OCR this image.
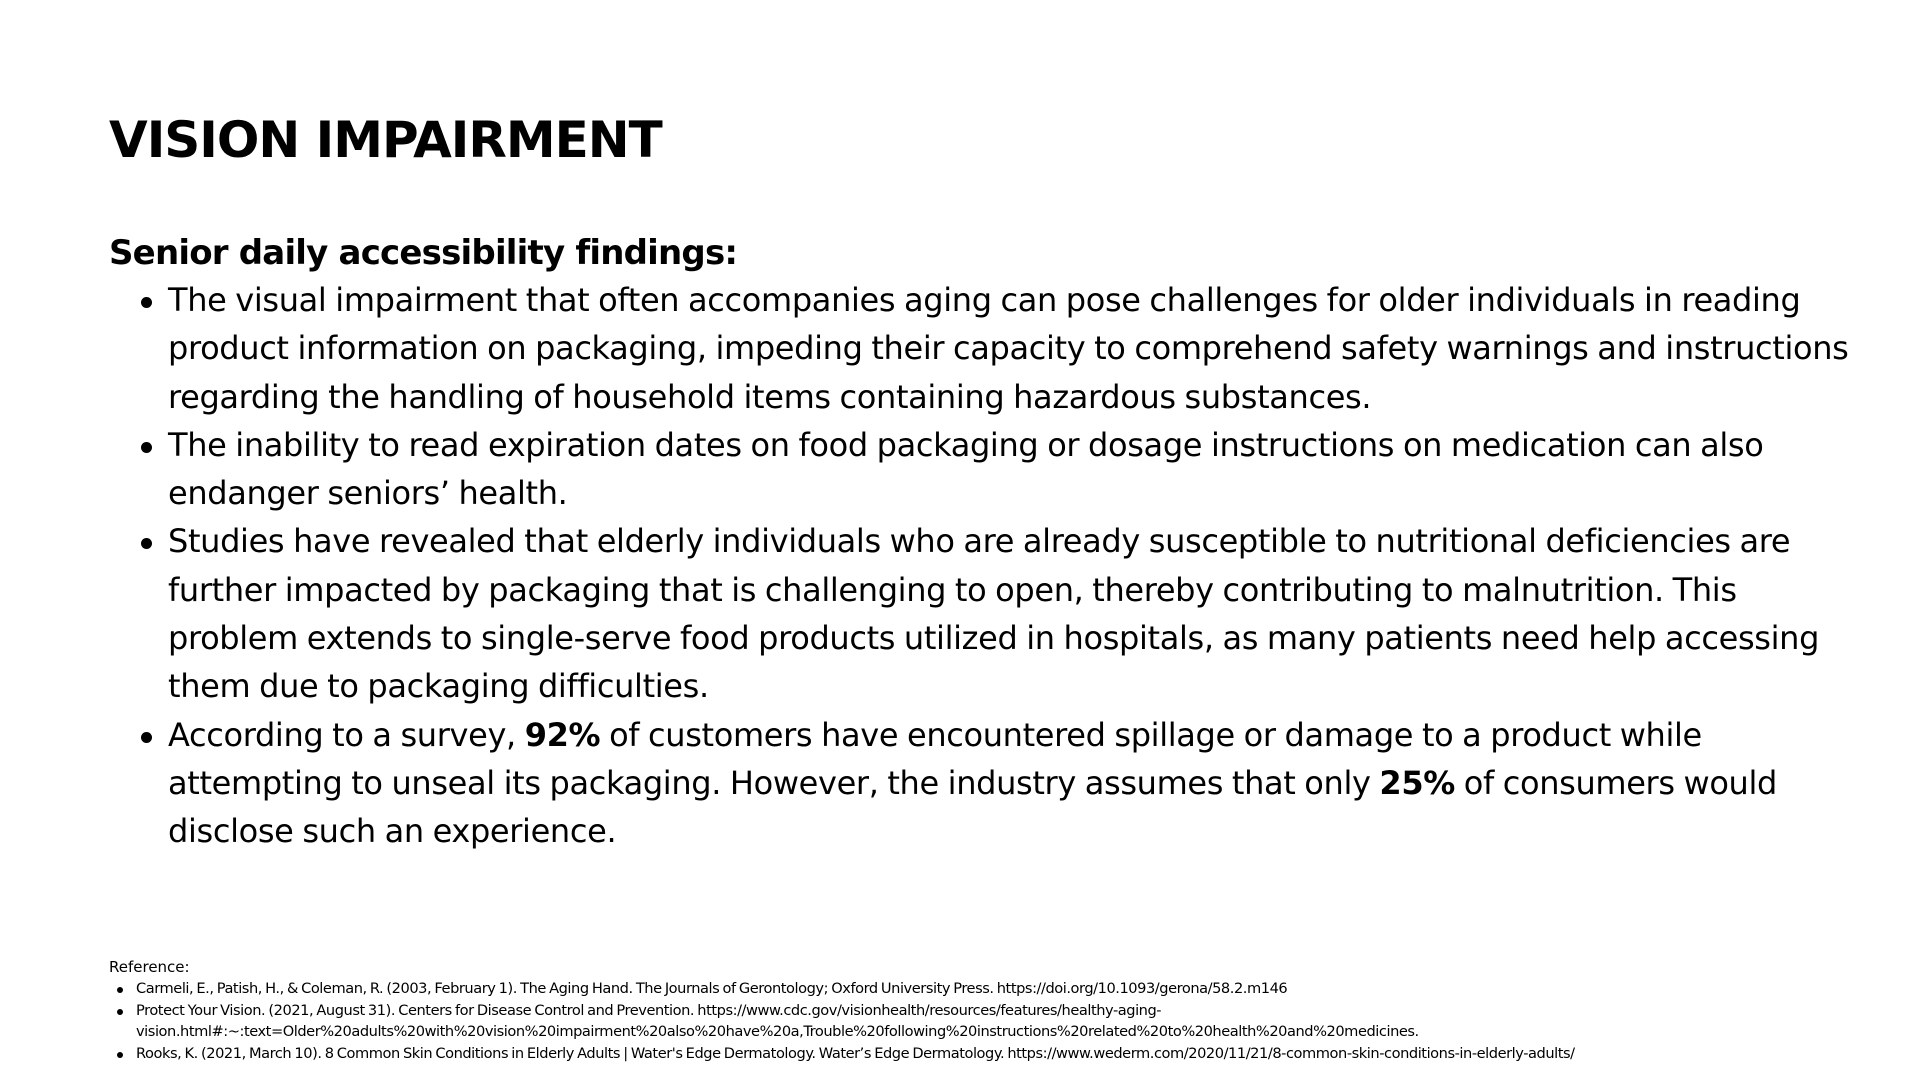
VISION IMPAIRMENT
Senior daily accessibility findings:
The visual impairment that often accompanies aging can pose challenges for older individuals in reading product information on packaging, impeding their capacity to comprehend safety warnings and instructions regarding the handling of household items containing hazardous substances.
The inability to read expiration dates on food packaging or dosage instructions on medication can also endanger seniors’ health.
Studies have revealed that elderly individuals who are already susceptible to nutritional deficiencies are further impacted by packaging that is challenging to open, thereby contributing to malnutrition. This problem extends to single-serve food products utilized in hospitals, as many patients need help accessing them due to packaging difficulties.
According to a survey, 92% of customers have encountered spillage or damage to a product while attempting to unseal its packaging. However, the industry assumes that only 25% of consumers would disclose such an experience.

Reference:

Carmeli, E., Patish, H., & Coleman, R. (2003, February 1). The Aging Hand. The Journals of Gerontology; Oxford University Press. https://doi.org/10.1093/gerona/58.2.m146
Protect Your Vision. (2021, August 31). Centers for Disease Control and Prevention. https://www.cdc.gov/visionhealth/resources/features/healthy-aging-
vision.html#:~:text=Older%20adults%20with%20vision%20impairment%20also%20have%20a,Trouble%20following%20instructions%20related%20to%20health%20and%20medicines.
Rooks, K. (2021, March 10). 8 Common Skin Conditions in Elderly Adults | Water's Edge Dermatology. Water’s Edge Dermatology. https://www.wederm.com/2020/11/21/8-common-skin-conditions-in-elderly-adults/
